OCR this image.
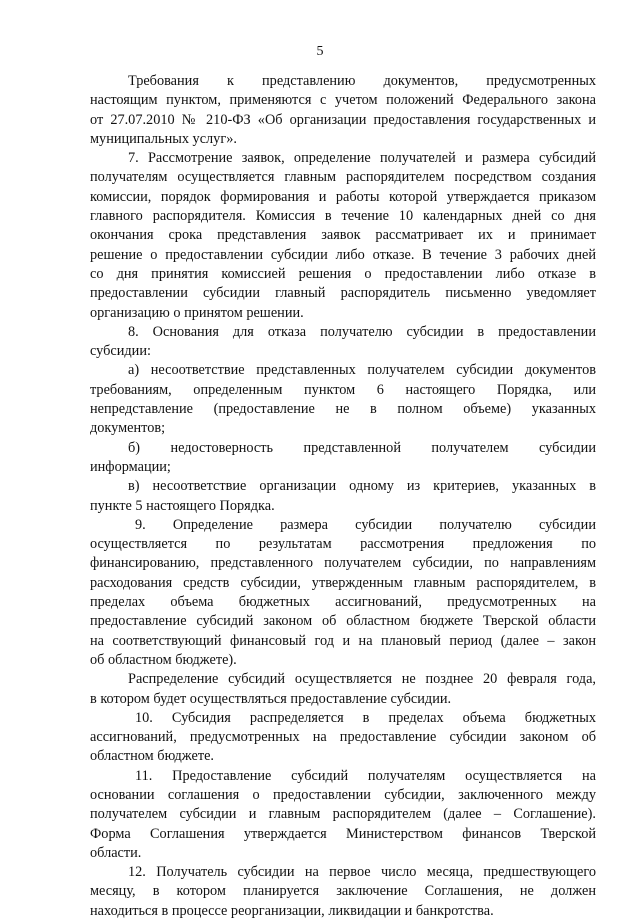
5
Требования к представлению документов, предусмотренных
настоящим пунктом, применяются с учетом положений Федерального закона
от 27.07.2010 № 210-ФЗ «Об организации предоставления государственных и
муниципальных услуг».
7. Рассмотрение заявок, определение получателей и размера субсидий
получателям осуществляется главным распорядителем посредством создания
комиссии, порядок формирования и работы которой утверждается приказом
главного распорядителя. Комиссия в течение 10 календарных дней со дня
окончания срока представления заявок рассматривает их и принимает
решение о предоставлении субсидии либо отказе. В течение 3 рабочих дней
со дня принятия комиссией решения о предоставлении либо отказе в
предоставлении субсидии главный распорядитель письменно уведомляет
организацию о принятом решении.
8. Основания для отказа получателю субсидии в предоставлении
субсидии:
а) несоответствие представленных получателем субсидии документов
требованиям, определенным пунктом 6 настоящего Порядка, или
непредставление (предоставление не в полном объеме) указанных
документов;
б) недостоверность представленной получателем субсидии
информации;
в) несоответствие организации одному из критериев, указанных в
пункте 5 настоящего Порядка.
9. Определение размера субсидии получателю субсидии
осуществляется по результатам рассмотрения предложения по
финансированию, представленного получателем субсидии, по направлениям
расходования средств субсидии, утвержденным главным распорядителем, в
пределах объема бюджетных ассигнований, предусмотренных на
предоставление субсидий законом об областном бюджете Тверской области
на соответствующий финансовый год и на плановый период (далее – закон
об областном бюджете).
Распределение субсидий осуществляется не позднее 20 февраля года,
в котором будет осуществляться предоставление субсидии.
10. Субсидия распределяется в пределах объема бюджетных
ассигнований, предусмотренных на предоставление субсидии законом об
областном бюджете.
11. Предоставление субсидий получателям осуществляется на
основании соглашения о предоставлении субсидии, заключенного между
получателем субсидии и главным распорядителем (далее – Соглашение).
Форма Соглашения утверждается Министерством финансов Тверской
области.
12. Получатель субсидии на первое число месяца, предшествующего
месяцу, в котором планируется заключение Соглашения, не должен
находиться в процессе реорганизации, ликвидации и банкротства.
